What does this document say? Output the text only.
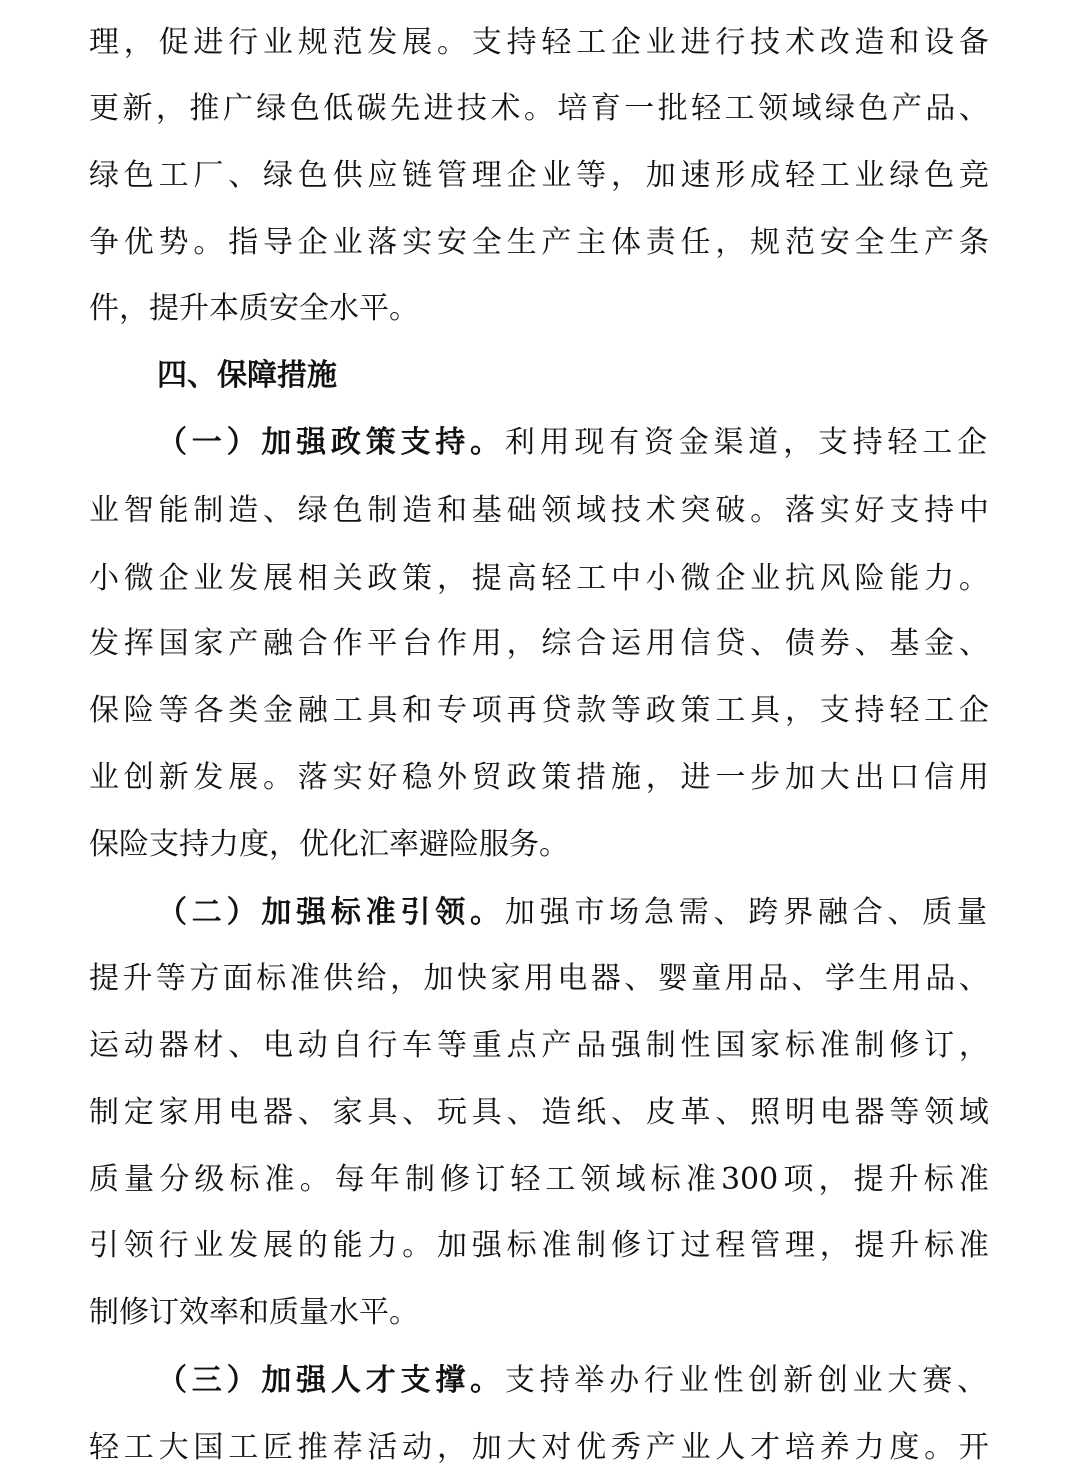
理 ， 促 进 行 业 规 范 发 展 。 支 持 轻 工 企 业 进 行 技 术 改 造 和 设 备
更 新 ， 推 广 绿 色 低 碳 先 进 技 术 。 培 育 一 批 轻 工 领 域 绿 色 产 品 、
绿 色 工 厂 、 绿 色 供 应 链 管 理 企 业 等 ， 加 速 形 成 轻 工 业 绿 色 竞
争 优 势 。 指 导 企 业 落 实 安 全 生 产 主 体 责 任 ， 规 范 安 全 生 产 条
件，提升本质安全水平。
四、保障措施
（ 一 ） 加 强 政 策 支 持 。 利 用 现 有 资 金 渠 道 ， 支 持 轻 工 企
业 智 能 制 造 、 绿 色 制 造 和 基 础 领 域 技 术 突 破 。 落 实 好 支 持 中
小 微 企 业 发 展 相 关 政 策 ， 提 高 轻 工 中 小 微 企 业 抗 风 险 能 力 。
发 挥 国 家 产 融 合 作 平 台 作 用 ， 综 合 运 用 信 贷 、 债 券 、 基 金 、
保 险 等 各 类 金 融 工 具 和 专 项 再 贷 款 等 政 策 工 具 ， 支 持 轻 工 企
业 创 新 发 展 。 落 实 好 稳 外 贸 政 策 措 施 ， 进 一 步 加 大 出 口 信 用
保险支持力度，优化汇率避险服务。
（ 二 ） 加 强 标 准 引 领 。 加 强 市 场 急 需 、 跨 界 融 合 、 质 量
提 升 等 方 面 标 准 供 给 ， 加 快 家 用 电 器 、 婴 童 用 品 、 学 生 用 品 、
运 动 器 材 、 电 动 自 行 车 等 重 点 产 品 强 制 性 国 家 标 准 制 修 订 ，
制 定 家 用 电 器 、 家 具 、 玩 具 、 造 纸 、 皮 革 、 照 明 电 器 等 领 域
质 量 分 级 标 准 。 每 年 制 修 订 轻 工 领 域 标 准 300 项 ， 提 升 标 准
引 领 行 业 发 展 的 能 力 。 加 强 标 准 制 修 订 过 程 管 理 ， 提 升 标 准
制修订效率和质量水平。
（ 三 ） 加 强 人 才 支 撑 。 支 持 举 办 行 业 性 创 新 创 业 大 赛 、
轻 工 大 国 工 匠 推 荐 活 动 ， 加 大 对 优 秀 产 业 人 才 培 养 力 度 。 开
